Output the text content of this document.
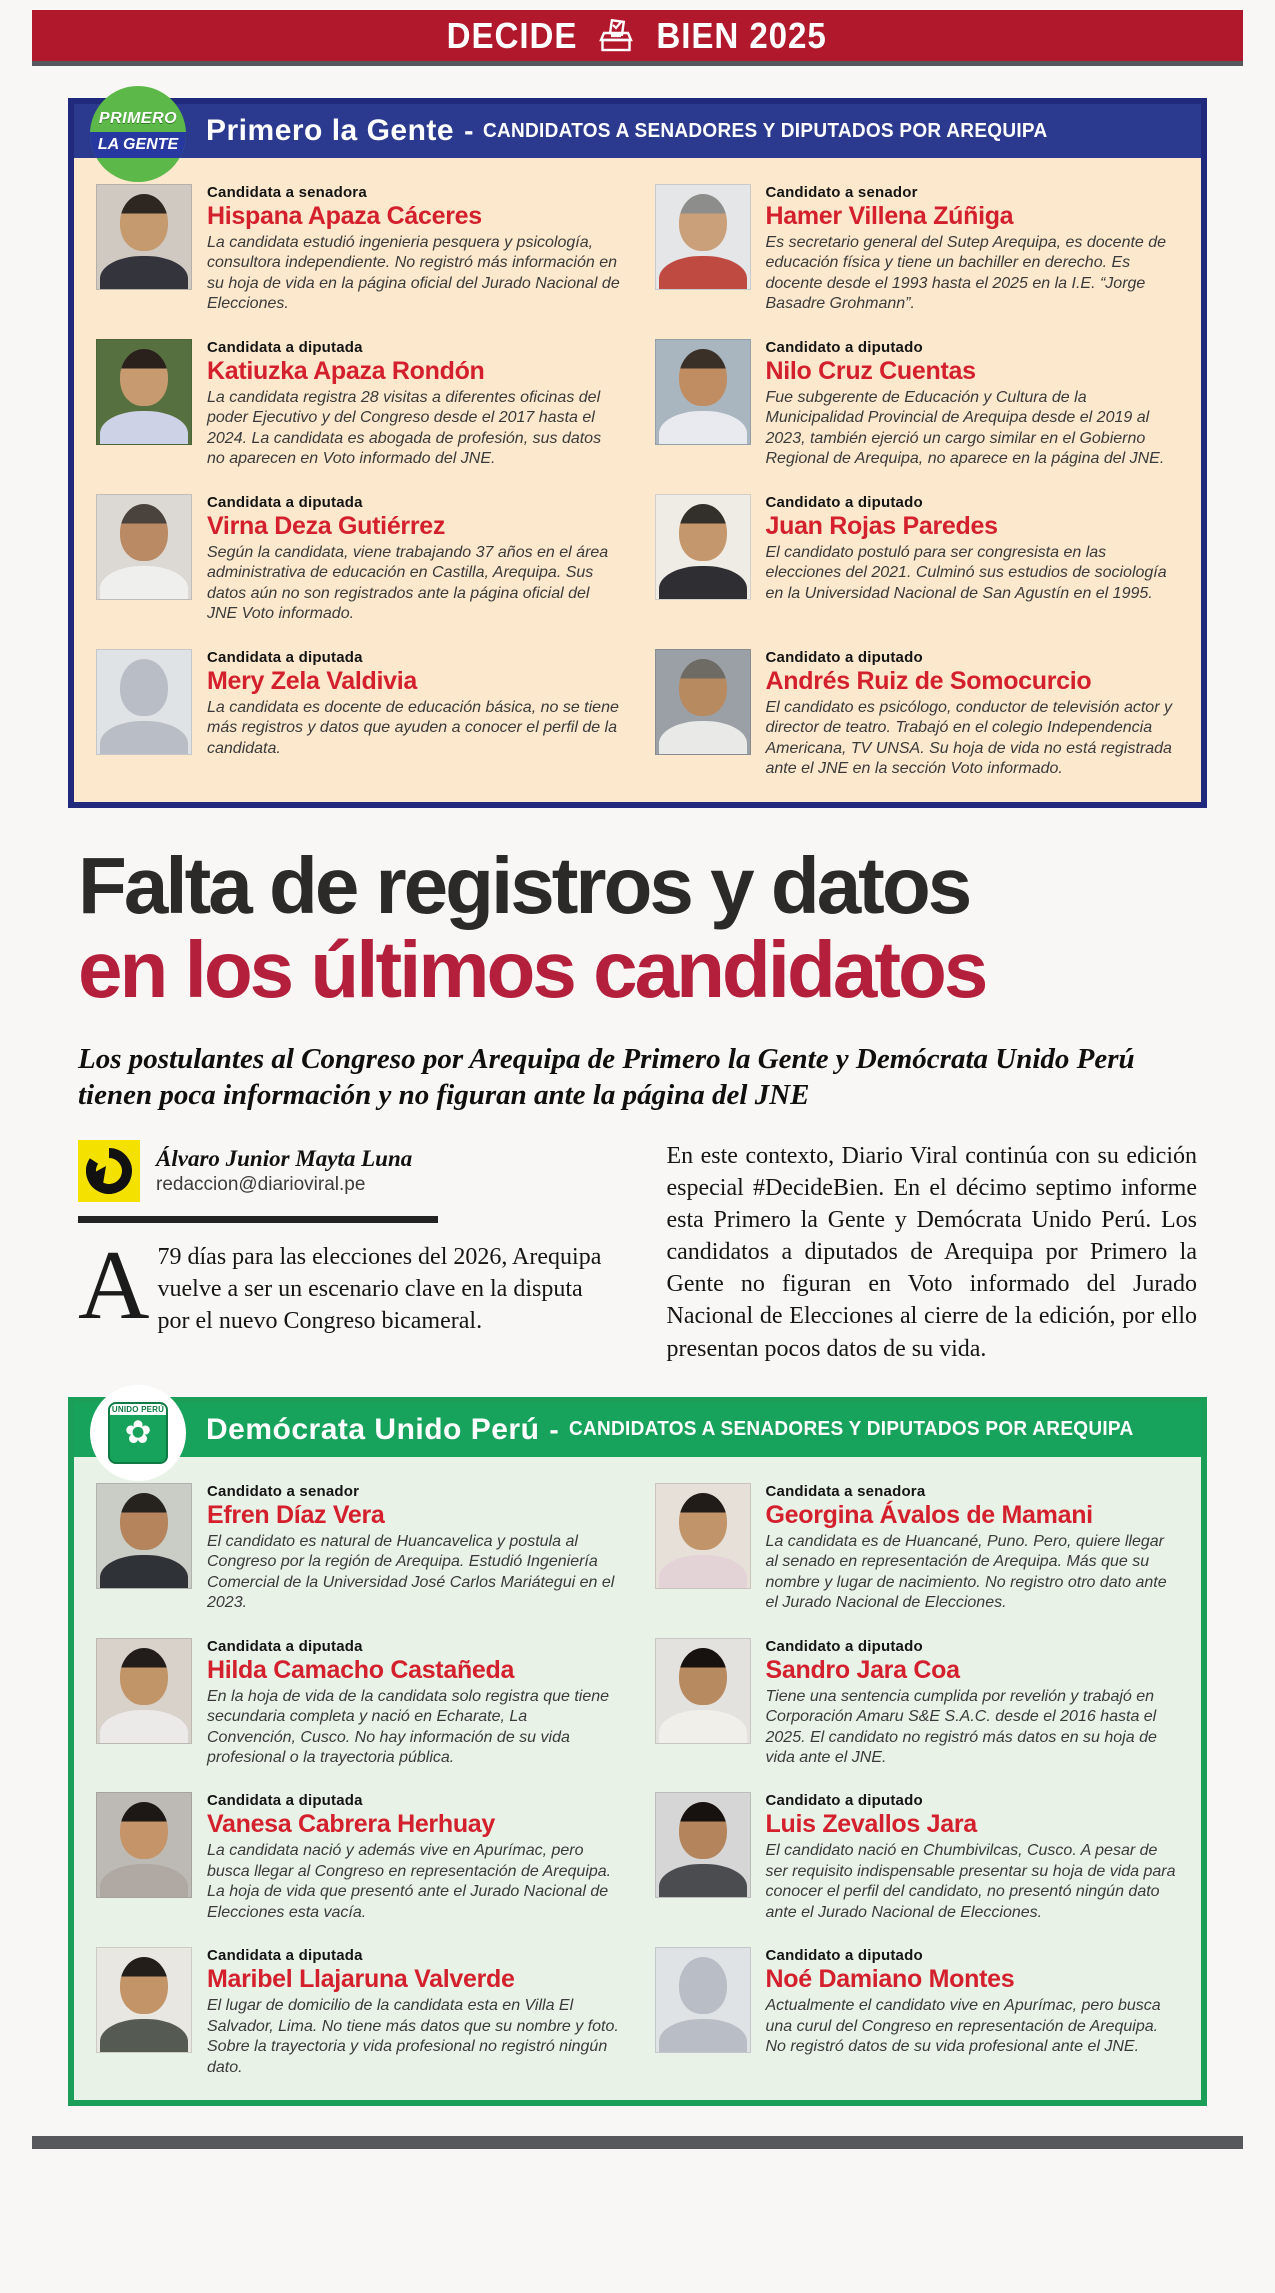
DECIDE BIEN 2025
PRIMERO
LA GENTE Primero la Gente - CANDIDATOS A SENADORES Y DIPUTADOS POR AREQUIPA
Candidata a senadora
Hispana Apaza Cáceres

La candidata estudió ingenieria pesquera y psicología, consultora independiente. No registró más información en su hoja de vida en la página oficial del Jurado Nacional de Elecciones.

Candidato a senador
Hamer Villena Zúñiga

Es secretario general del Sutep Arequipa, es docente de educación física y tiene un bachiller en derecho. Es docente desde el 1993 hasta el 2025 en la I.E. “Jorge Basadre Grohmann”.

Candidata a diputada
Katiuzka Apaza Rondón

La candidata registra 28 visitas a diferentes oficinas del poder Ejecutivo y del Congreso desde el 2017 hasta el 2024. La candidata es abogada de profesión, sus datos no aparecen en Voto informado del JNE.

Candidato a diputado
Nilo Cruz Cuentas

Fue subgerente de Educación y Cultura de la Municipalidad Provincial de Arequipa desde el 2019 al 2023, también ejerció un cargo similar en el Gobierno Regional de Arequipa, no aparece en la página del JNE.

Candidata a diputada
Virna Deza Gutiérrez

Según la candidata, viene trabajando 37 años en el área administrativa de educación en Castilla, Arequipa. Sus datos aún no son registrados ante la página oficial del JNE Voto informado.

Candidato a diputado
Juan Rojas Paredes

El candidato postuló para ser congresista en las elecciones del 2021. Culminó sus estudios de sociología en la Universidad Nacional de San Agustín en el 1995.

Candidata a diputada
Mery Zela Valdivia

La candidata es docente de educación básica, no se tiene más registros y datos que ayuden a conocer el perfil de la candidata.

Candidato a diputado
Andrés Ruiz de Somocurcio

El candidato es psicólogo, conductor de televisión actor y director de teatro. Trabajó en el colegio Independencia Americana, TV UNSA. Su hoja de vida no está registrada ante el JNE en la sección Voto informado.

Falta de registros y datos
en los últimos candidatos

Los postulantes al Congreso por Arequipa de Primero la Gente y Demócrata Unido Perú tienen poca información y no figuran ante la página del JNE

Álvaro Junior Mayta Luna
redaccion@diarioviral.pe

A 79 días para las elecciones del 2026, Arequipa vuelve a ser un escenario clave en la disputa por el nuevo Congreso bicameral.

En este contexto, Diario Viral continúa con su edición especial #DecideBien. En el décimo septimo informe esta Primero la Gente y Demócrata Unido Perú. Los candidatos a diputados de Arequipa por Primero la Gente no figuran en Voto informado del Jurado Nacional de Elecciones al cierre de la edición, por ello presentan pocos datos de su vida.

UNIDO PERÚ
✿ Demócrata Unido Perú - CANDIDATOS A SENADORES Y DIPUTADOS POR AREQUIPA
Candidato a senador
Efren Díaz Vera

El candidato es natural de Huancavelica y postula al Congreso por la región de Arequipa. Estudió Ingeniería Comercial de la Universidad José Carlos Mariátegui en el 2023.

Candidata a senadora
Georgina Ávalos de Mamani

La candidata es de Huancané, Puno. Pero, quiere llegar al senado en representación de Arequipa. Más que su nombre y lugar de nacimiento. No registro otro dato ante el Jurado Nacional de Elecciones.

Candidata a diputada
Hilda Camacho Castañeda

En la hoja de vida de la candidata solo registra que tiene secundaria completa y nació en Echarate, La Convención, Cusco. No hay información de su vida profesional o la trayectoria pública.

Candidato a diputado
Sandro Jara Coa

Tiene una sentencia cumplida por revelión y trabajó en Corporación Amaru S&E S.A.C. desde el 2016 hasta el 2025. El candidato no registró más datos en su hoja de vida ante el JNE.

Candidata a diputada
Vanesa Cabrera Herhuay

La candidata nació y además vive en Apurímac, pero busca llegar al Congreso en representación de Arequipa. La hoja de vida que presentó ante el Jurado Nacional de Elecciones esta vacía.

Candidato a diputado
Luis Zevallos Jara

El candidato nació en Chumbivilcas, Cusco. A pesar de ser requisito indispensable presentar su hoja de vida para conocer el perfil del candidato, no presentó ningún dato ante el Jurado Nacional de Elecciones.

Candidata a diputada
Maribel Llajaruna Valverde

El lugar de domicilio de la candidata esta en Villa El Salvador, Lima. No tiene más datos que su nombre y foto. Sobre la trayectoria y vida profesional no registró ningún dato.

Candidato a diputado
Noé Damiano Montes

Actualmente el candidato vive en Apurímac, pero busca una curul del Congreso en representación de Arequipa. No registró datos de su vida profesional ante el JNE.
